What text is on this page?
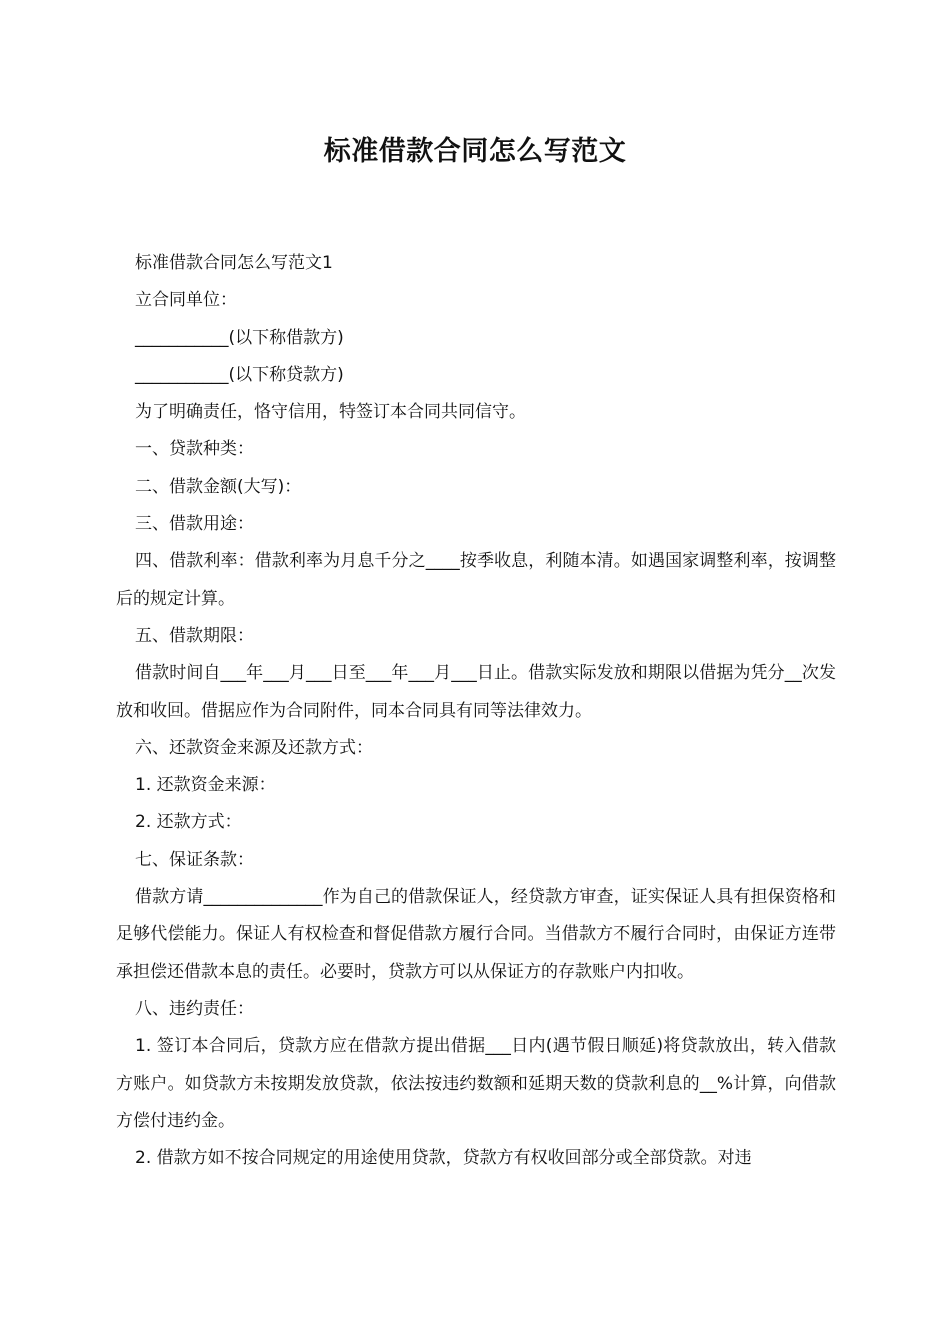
标准借款合同怎么写范文

标准借款合同怎么写范文1

立合同单位：

___________(以下称借款方)

___________(以下称贷款方)

为了明确责任，恪守信用，特签订本合同共同信守。

一、贷款种类：

二、借款金额(大写)：

三、借款用途：

四、借款利率：借款利率为月息千分之____按季收息，利随本清。如遇国家调整利率，按调整后的规定计算。

五、借款期限：

借款时间自___年___月___日至___年___月___日止。借款实际发放和期限以借据为凭分__次发放和收回。借据应作为合同附件，同本合同具有同等法律效力。

六、还款资金来源及还款方式：

1. 还款资金来源：

2. 还款方式：

七、保证条款：

借款方请______________作为自己的借款保证人，经贷款方审查，证实保证人具有担保资格和足够代偿能力。保证人有权检查和督促借款方履行合同。当借款方不履行合同时，由保证方连带承担偿还借款本息的责任。必要时，贷款方可以从保证方的存款账户内扣收。

八、违约责任：

1. 签订本合同后，贷款方应在借款方提出借据___日内(遇节假日顺延)将贷款放出，转入借款方账户。如贷款方未按期发放贷款，依法按违约数额和延期天数的贷款利息的__%计算，向借款方偿付违约金。

2. 借款方如不按合同规定的用途使用贷款，贷款方有权收回部分或全部贷款。对违
